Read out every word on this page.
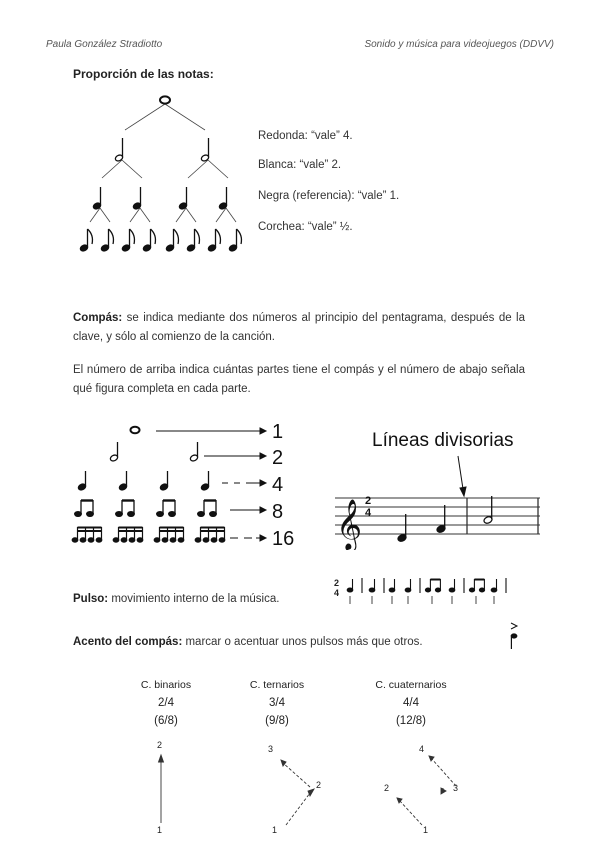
Paula González Stradiotto	Sonido y música para videojuegos (DDVV)
Proporción de las notas:
Redonda: “vale” 4.
Blanca: “vale” 2.
Negra (referencia): “vale” 1.
Corchea: “vale” ½.
Compás: se indica mediante dos números al principio del pentagrama, después de la clave, y sólo al comienzo de la canción.
El número de arriba indica cuántas partes tiene el compás y el número de abajo señala qué figura completa en cada parte.
1
2
4
8
16
Líneas divisorias
𝄞 2
4
Pulso: movimiento interno de la música.
2
4
Acento del compás: marcar o acentuar unos pulsos más que otros.
C. binarios
2/4
(6/8)
C. ternarios
3/4
(9/8)
C. cuaternarios
4/4
(12/8)
2
1
3
2
1
4
2	3
1
